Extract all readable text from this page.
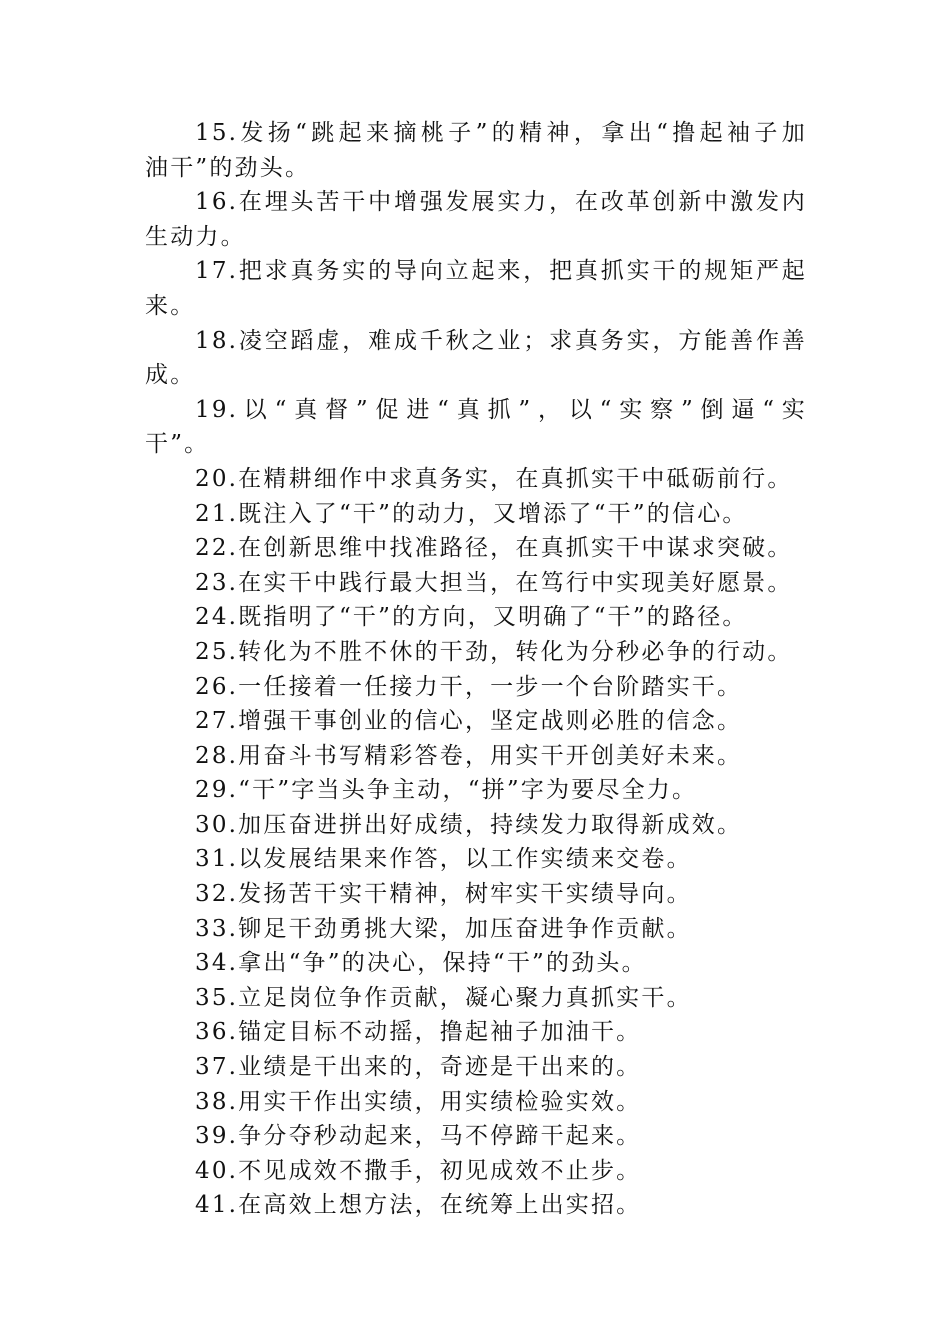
15.发扬“跳起来摘桃子”的精神，拿出“撸起袖子加
油干”的劲头。
16.在埋头苦干中增强发展实力，在改革创新中激发内
生动力。
17.把求真务实的导向立起来，把真抓实干的规矩严起
来。
18.凌空蹈虚，难成千秋之业；求真务实，方能善作善
成。
19.以“真督”促进“真抓”，以“实察”倒逼“实
干”。
20.在精耕细作中求真务实，在真抓实干中砥砺前行。
21.既注入了“干”的动力，又增添了“干”的信心。
22.在创新思维中找准路径，在真抓实干中谋求突破。
23.在实干中践行最大担当，在笃行中实现美好愿景。
24.既指明了“干”的方向，又明确了“干”的路径。
25.转化为不胜不休的干劲，转化为分秒必争的行动。
26.一任接着一任接力干，一步一个台阶踏实干。
27.增强干事创业的信心，坚定战则必胜的信念。
28.用奋斗书写精彩答卷，用实干开创美好未来。
29.“干”字当头争主动，“拼”字为要尽全力。
30.加压奋进拼出好成绩，持续发力取得新成效。
31.以发展结果来作答，以工作实绩来交卷。
32.发扬苦干实干精神，树牢实干实绩导向。
33.铆足干劲勇挑大梁，加压奋进争作贡献。
34.拿出“争”的决心，保持“干”的劲头。
35.立足岗位争作贡献，凝心聚力真抓实干。
36.锚定目标不动摇，撸起袖子加油干。
37.业绩是干出来的，奇迹是干出来的。
38.用实干作出实绩，用实绩检验实效。
39.争分夺秒动起来，马不停蹄干起来。
40.不见成效不撒手，初见成效不止步。
41.在高效上想方法，在统筹上出实招。
